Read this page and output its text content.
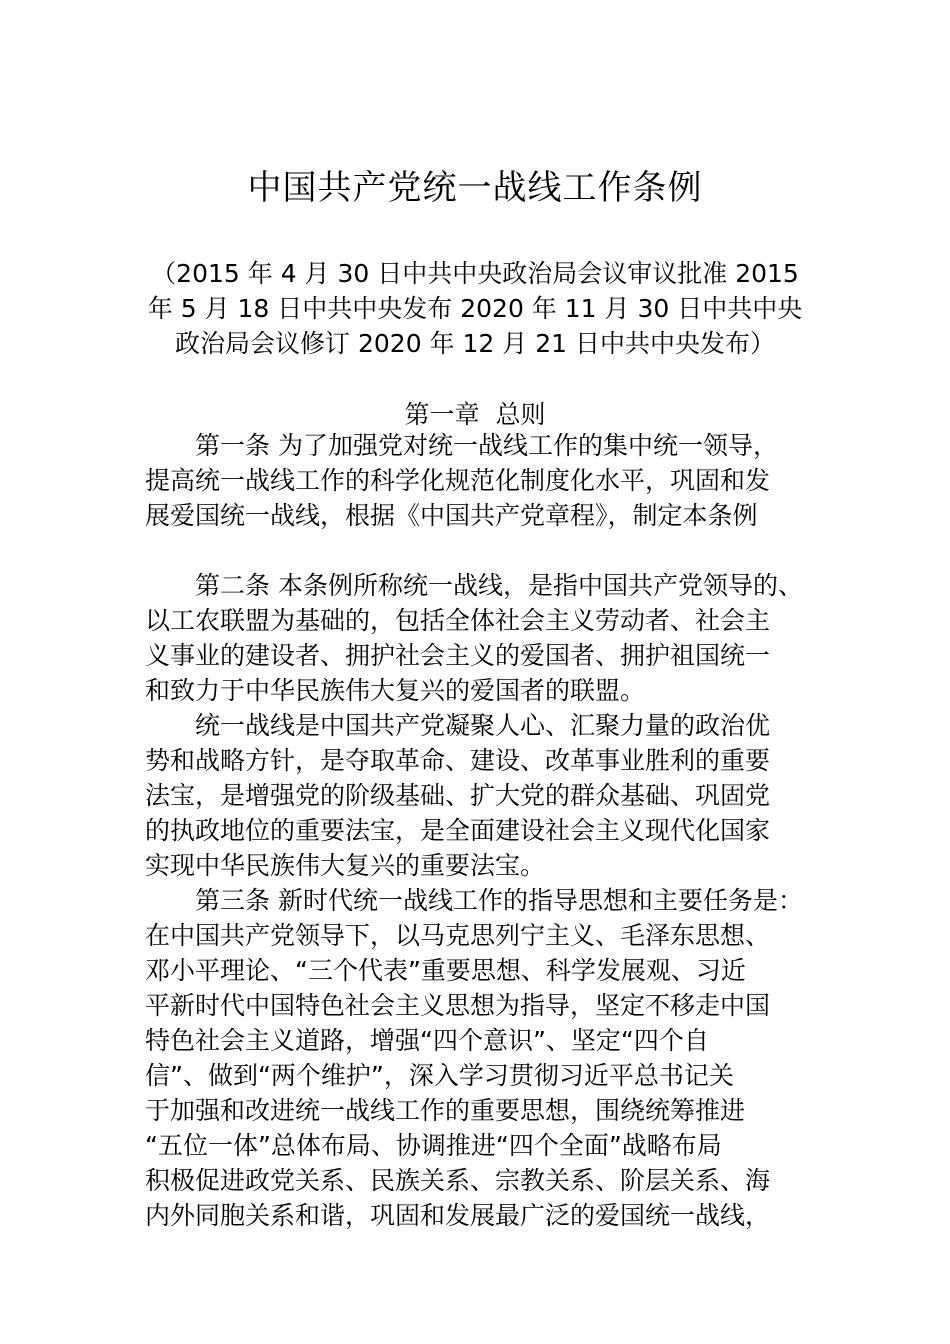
中国共产党统一战线工作条例
（2015 年 4 月 30 日中共中央政治局会议审议批准 2015
年 5 月 18 日中共中央发布 2020 年 11 月 30 日中共中央
政治局会议修订 2020 年 12 月 21 日中共中央发布）
第一章  总则
第一条 为了加强党对统一战线工作的集中统一领导，
提高统一战线工作的科学化规范化制度化水平，巩固和发
展爱国统一战线，根据《中国共产党章程》，制定本条例
第二条 本条例所称统一战线，是指中国共产党领导的、
以工农联盟为基础的，包括全体社会主义劳动者、社会主
义事业的建设者、拥护社会主义的爱国者、拥护祖国统一
和致力于中华民族伟大复兴的爱国者的联盟。
统一战线是中国共产党凝聚人心、汇聚力量的政治优
势和战略方针，是夺取革命、建设、改革事业胜利的重要
法宝，是增强党的阶级基础、扩大党的群众基础、巩固党
的执政地位的重要法宝，是全面建设社会主义现代化国家
实现中华民族伟大复兴的重要法宝。
第三条 新时代统一战线工作的指导思想和主要任务是：
在中国共产党领导下，以马克思列宁主义、毛泽东思想、
邓小平理论、“三个代表”重要思想、科学发展观、习近
平新时代中国特色社会主义思想为指导，坚定不移走中国
特色社会主义道路，增强“四个意识”、坚定“四个自
信”、做到“两个维护”，深入学习贯彻习近平总书记关
于加强和改进统一战线工作的重要思想，围绕统筹推进
“五位一体”总体布局、协调推进“四个全面”战略布局
积极促进政党关系、民族关系、宗教关系、阶层关系、海
内外同胞关系和谐，巩固和发展最广泛的爱国统一战线，
